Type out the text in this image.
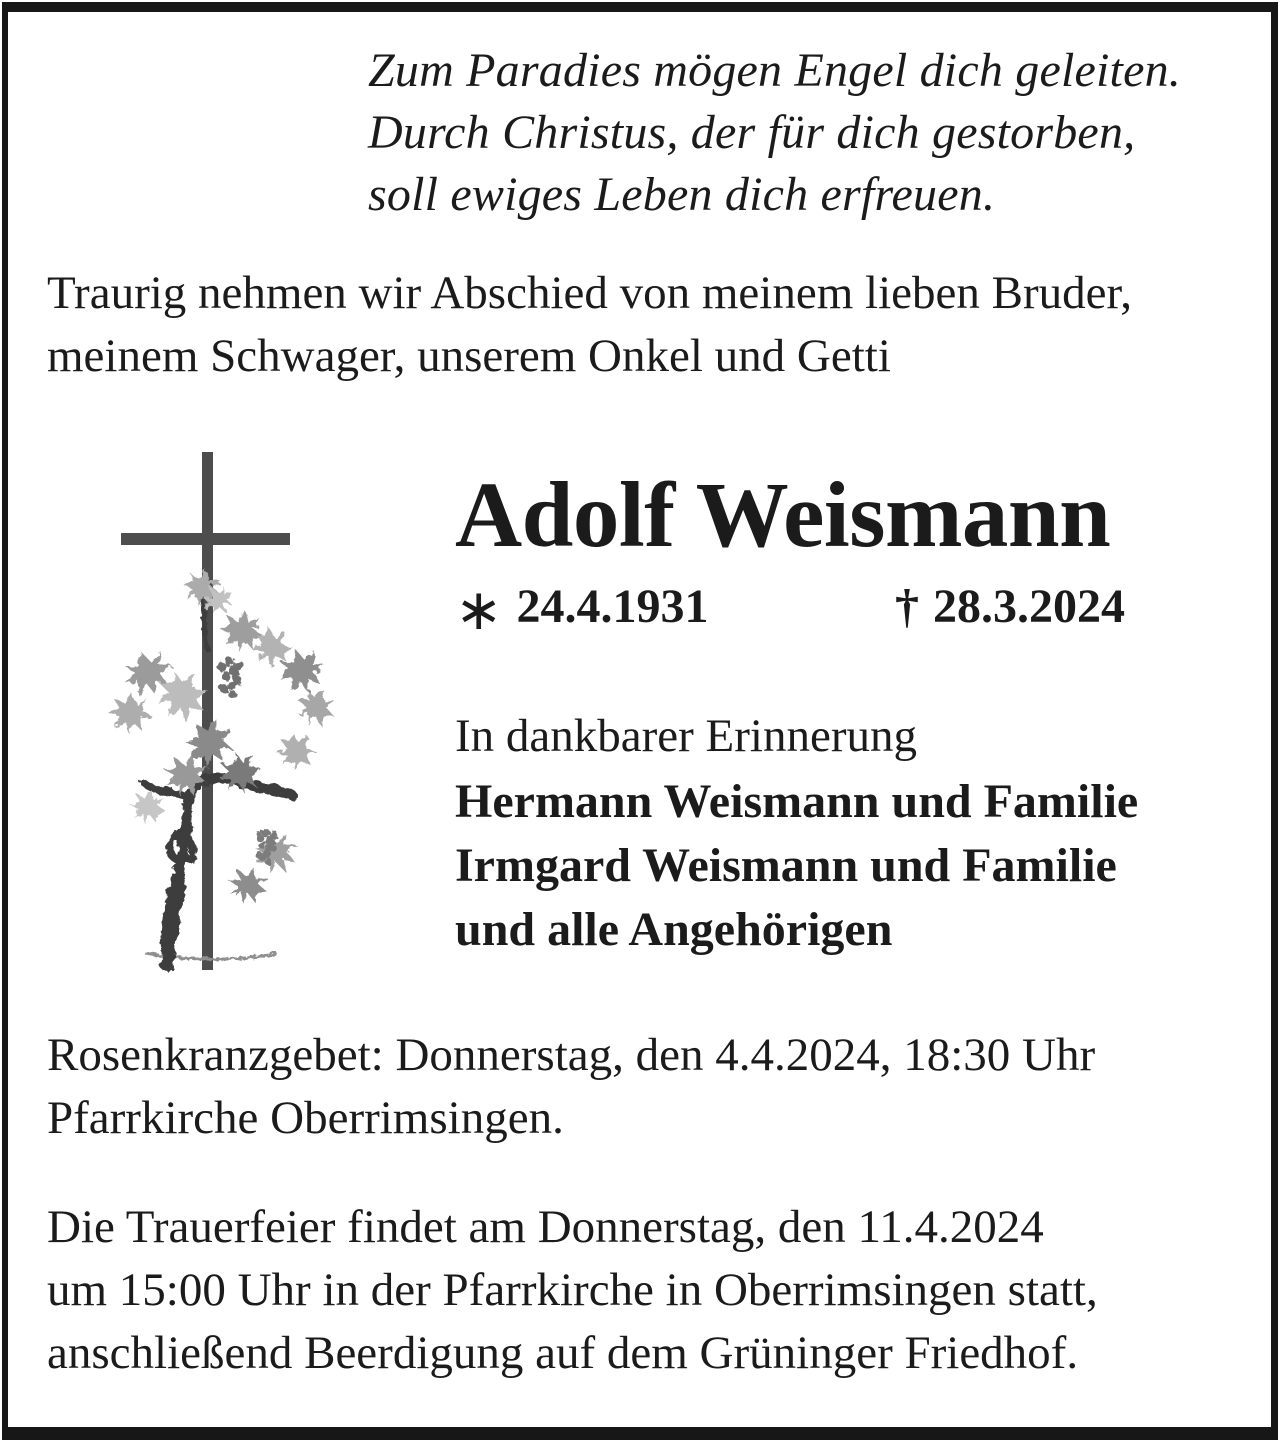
Zum Paradies mögen Engel dich geleiten.
Durch Christus, der für dich gestorben,
soll ewiges Leben dich erfreuen.
Traurig nehmen wir Abschied von meinem lieben Bruder,
meinem Schwager, unserem Onkel und Getti
Adolf Weismann
∗ 24.4.1931	† 28.3.2024
In dankbarer Erinnerung
Hermann Weismann und Familie
Irmgard Weismann und Familie
und alle Angehörigen
Rosenkranzgebet: Donnerstag, den 4.4.2024, 18:30 Uhr
Pfarrkirche Oberrimsingen.
Die Trauerfeier findet am Donnerstag, den 11.4.2024
um 15:00 Uhr in der Pfarrkirche in Oberrimsingen statt,
anschließend Beerdigung auf dem Grüninger Friedhof.
